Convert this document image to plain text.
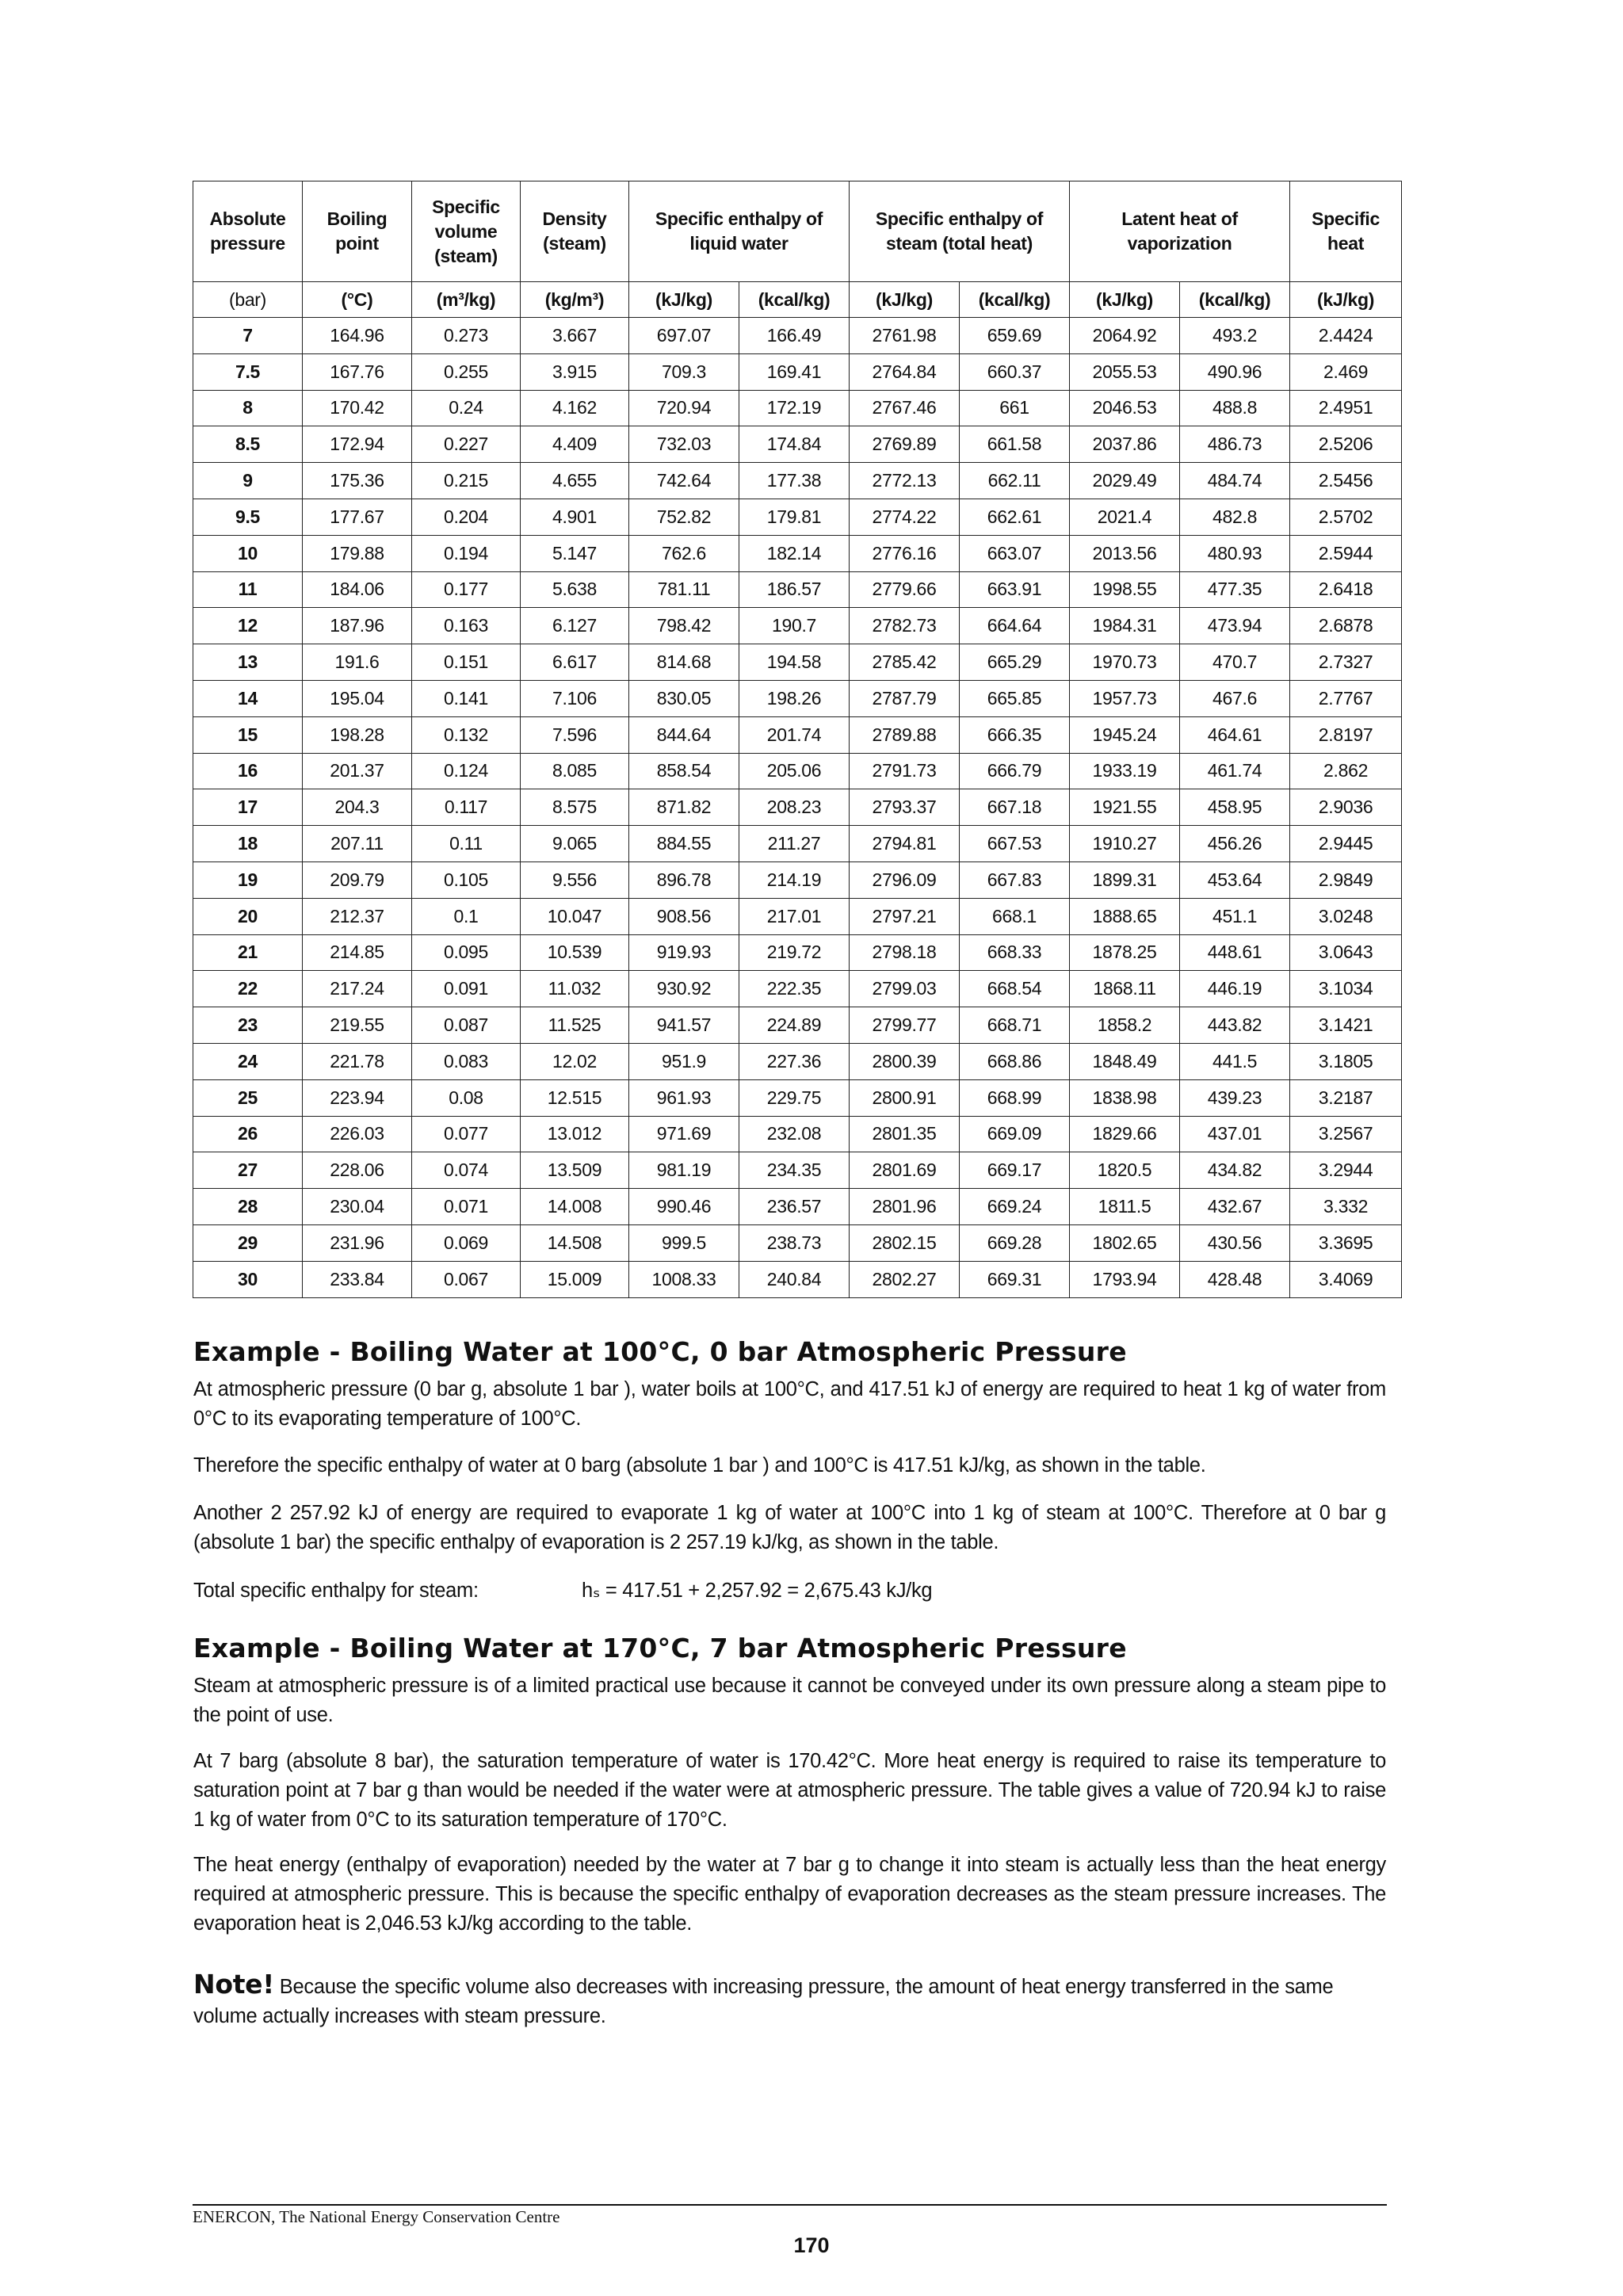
Absolute pressure	Boiling point	Specific volume (steam)	Density (steam)	Specific enthalpy of liquid water		Specific enthalpy of steam (total heat)		Latent heat of vaporization		Specific heat
(bar)	(°C)	(m³/kg)	(kg/m³)	(kJ/kg)	(kcal/kg)	(kJ/kg)	(kcal/kg)	(kJ/kg)	(kcal/kg)	(kJ/kg)
7	164.96	0.273	3.667	697.07	166.49	2761.98	659.69	2064.92	493.2	2.4424
7.5	167.76	0.255	3.915	709.3	169.41	2764.84	660.37	2055.53	490.96	2.469
8	170.42	0.24	4.162	720.94	172.19	2767.46	661	2046.53	488.8	2.4951
8.5	172.94	0.227	4.409	732.03	174.84	2769.89	661.58	2037.86	486.73	2.5206
9	175.36	0.215	4.655	742.64	177.38	2772.13	662.11	2029.49	484.74	2.5456
9.5	177.67	0.204	4.901	752.82	179.81	2774.22	662.61	2021.4	482.8	2.5702
10	179.88	0.194	5.147	762.6	182.14	2776.16	663.07	2013.56	480.93	2.5944
11	184.06	0.177	5.638	781.11	186.57	2779.66	663.91	1998.55	477.35	2.6418
12	187.96	0.163	6.127	798.42	190.7	2782.73	664.64	1984.31	473.94	2.6878
13	191.6	0.151	6.617	814.68	194.58	2785.42	665.29	1970.73	470.7	2.7327
14	195.04	0.141	7.106	830.05	198.26	2787.79	665.85	1957.73	467.6	2.7767
15	198.28	0.132	7.596	844.64	201.74	2789.88	666.35	1945.24	464.61	2.8197
16	201.37	0.124	8.085	858.54	205.06	2791.73	666.79	1933.19	461.74	2.862
17	204.3	0.117	8.575	871.82	208.23	2793.37	667.18	1921.55	458.95	2.9036
18	207.11	0.11	9.065	884.55	211.27	2794.81	667.53	1910.27	456.26	2.9445
19	209.79	0.105	9.556	896.78	214.19	2796.09	667.83	1899.31	453.64	2.9849
20	212.37	0.1	10.047	908.56	217.01	2797.21	668.1	1888.65	451.1	3.0248
21	214.85	0.095	10.539	919.93	219.72	2798.18	668.33	1878.25	448.61	3.0643
22	217.24	0.091	11.032	930.92	222.35	2799.03	668.54	1868.11	446.19	3.1034
23	219.55	0.087	11.525	941.57	224.89	2799.77	668.71	1858.2	443.82	3.1421
24	221.78	0.083	12.02	951.9	227.36	2800.39	668.86	1848.49	441.5	3.1805
25	223.94	0.08	12.515	961.93	229.75	2800.91	668.99	1838.98	439.23	3.2187
26	226.03	0.077	13.012	971.69	232.08	2801.35	669.09	1829.66	437.01	3.2567
27	228.06	0.074	13.509	981.19	234.35	2801.69	669.17	1820.5	434.82	3.2944
28	230.04	0.071	14.008	990.46	236.57	2801.96	669.24	1811.5	432.67	3.332
29	231.96	0.069	14.508	999.5	238.73	2802.15	669.28	1802.65	430.56	3.3695
30	233.84	0.067	15.009	1008.33	240.84	2802.27	669.31	1793.94	428.48	3.4069
Example - Boiling Water at 100°C, 0 bar Atmospheric Pressure
At atmospheric pressure (0 bar g, absolute 1 bar ), water boils at 100°C, and 417.51 kJ of energy are required to heat 1 kg of water from 0°C to its evaporating temperature of 100°C.
Therefore the specific enthalpy of water at 0 barg (absolute 1 bar ) and 100°C is 417.51 kJ/kg, as shown in the table.
Another 2 257.92 kJ of energy are required to evaporate 1 kg of water at 100°C into 1 kg of steam at 100°C. Therefore at 0 bar g (absolute 1 bar) the specific enthalpy of evaporation is 2 257.19 kJ/kg, as shown in the table.
Total specific enthalpy for steam:	hₛ = 417.51 + 2,257.92 = 2,675.43 kJ/kg
Example - Boiling Water at 170°C, 7 bar Atmospheric Pressure
Steam at atmospheric pressure is of a limited practical use because it cannot be conveyed under its own pressure along a steam pipe to the point of use.
At 7 barg (absolute 8 bar), the saturation temperature of water is 170.42°C. More heat energy is required to raise its temperature to saturation point at 7 bar g than would be needed if the water were at atmospheric pressure. The table gives a value of 720.94 kJ to raise 1 kg of water from 0°C to its saturation temperature of 170°C.
The heat energy (enthalpy of evaporation) needed by the water at 7 bar g to change it into steam is actually less than the heat energy required at atmospheric pressure. This is because the specific enthalpy of evaporation decreases as the steam pressure increases. The evaporation heat is 2,046.53 kJ/kg according to the table.
Note! Because the specific volume also decreases with increasing pressure, the amount of heat energy transferred in the same volume actually increases with steam pressure.
ENERCON, The National Energy Conservation Centre
170
